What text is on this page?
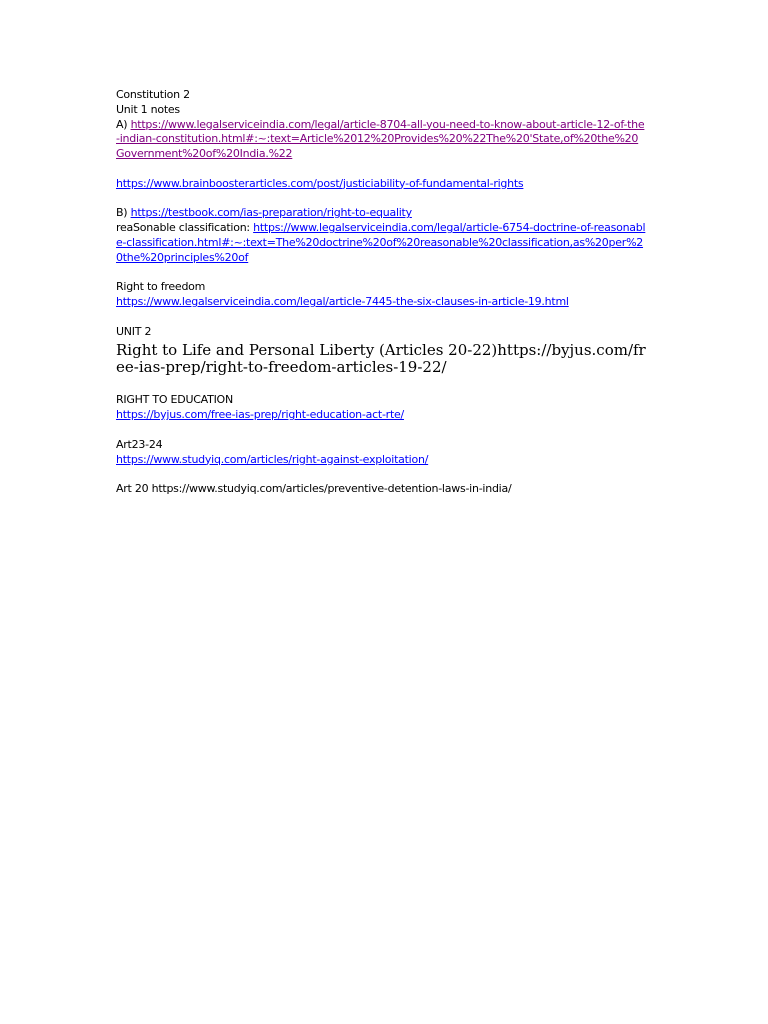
Constitution 2
Unit 1 notes
A) https://www.legalserviceindia.com/legal/article-8704-all-you-need-to-know-about-article-12-of-the-indian-constitution.html#:~:text=Article%2012%20Provides%20%22The%20'State,of%20the%20Government%20of%20India.%22
https://www.brainboosterarticles.com/post/justiciability-of-fundamental-rights
B) https://testbook.com/ias-preparation/right-to-equality
reaSonable classification: https://www.legalserviceindia.com/legal/article-6754-doctrine-of-reasonable-classification.html#:~:text=The%20doctrine%20of%20reasonable%20classification,as%20per%20the%20principles%20of
Right to freedom
https://www.legalserviceindia.com/legal/article-7445-the-six-clauses-in-article-19.html
UNIT 2
Right to Life and Personal Liberty (Articles 20-22)https://byjus.com/free-ias-prep/right-to-freedom-articles-19-22/
RIGHT TO EDUCATION
https://byjus.com/free-ias-prep/right-education-act-rte/
Art23-24
https://www.studyiq.com/articles/right-against-exploitation/
Art 20 https://www.studyiq.com/articles/preventive-detention-laws-in-india/
